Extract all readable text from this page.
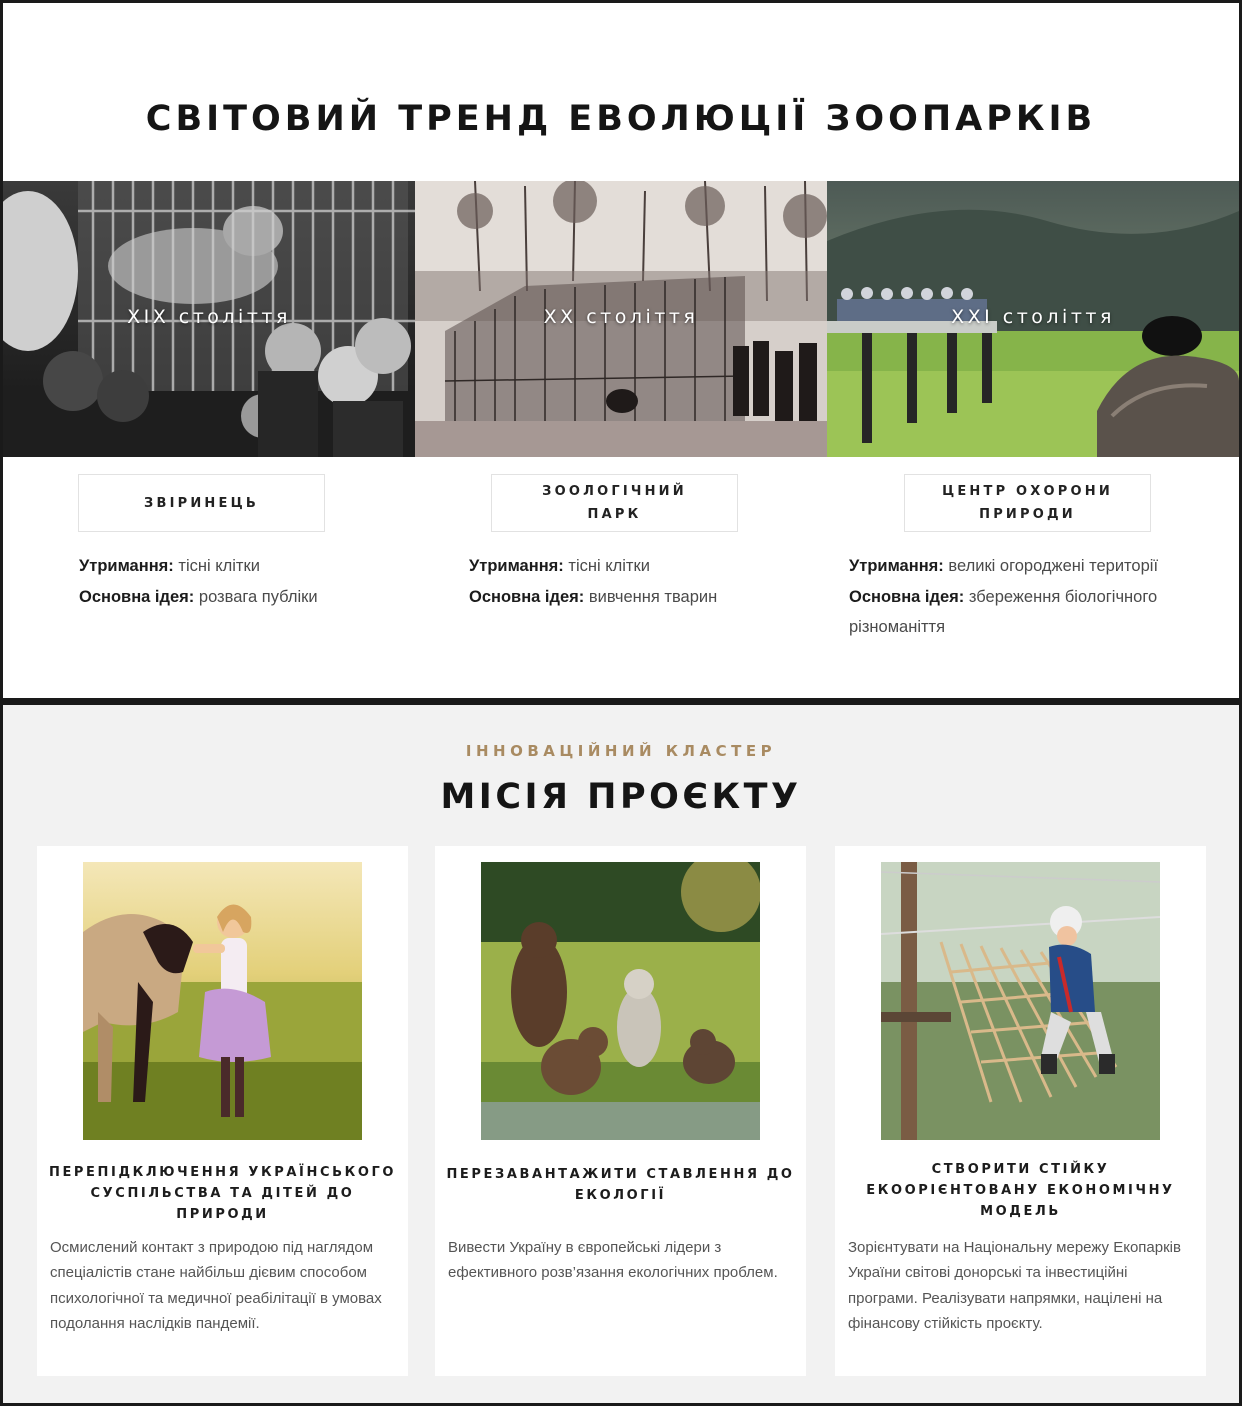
СВІТОВИЙ ТРЕНД ЕВОЛЮЦІЇ ЗООПАРКІВ
XIX століття	XX століття	XXI століття
ЗВІРИНЕЦЬ
ЗООЛОГІЧНИЙ ПАРК
ЦЕНТР ОХОРОНИ ПРИРОДИ
Утримання: тісні клітки
Основна ідея: розвага публіки
Утримання: тісні клітки
Основна ідея: вивчення тварин
Утримання: великі огороджені території
Основна ідея: збереження біологічного різноманіття
ІННОВАЦІЙНИЙ КЛАСТЕР
МІСІЯ ПРОЄКТУ
ПЕРЕПІДКЛЮЧЕННЯ УКРАЇНСЬКОГО СУСПІЛЬСТВА ТА ДІТЕЙ ДО ПРИРОДИ
Осмислений контакт з природою під наглядом спеціалістів стане найбільш дієвим способом психологічної та медичної реабілітації в умовах подолання наслідків пандемії.
ПЕРЕЗАВАНТАЖИТИ СТАВЛЕННЯ ДО ЕКОЛОГІЇ
Вивести Україну в європейські лідери з ефективного розв’язання екологічних проблем.
СТВОРИТИ СТІЙКУ ЕКООРІЄНТОВАНУ ЕКОНОМІЧНУ МОДЕЛЬ
Зорієнтувати на Національну мережу Екопарків України світові донорські та інвестиційні програми. Реалізувати напрямки, націлені на фінансову стійкість проєкту.
